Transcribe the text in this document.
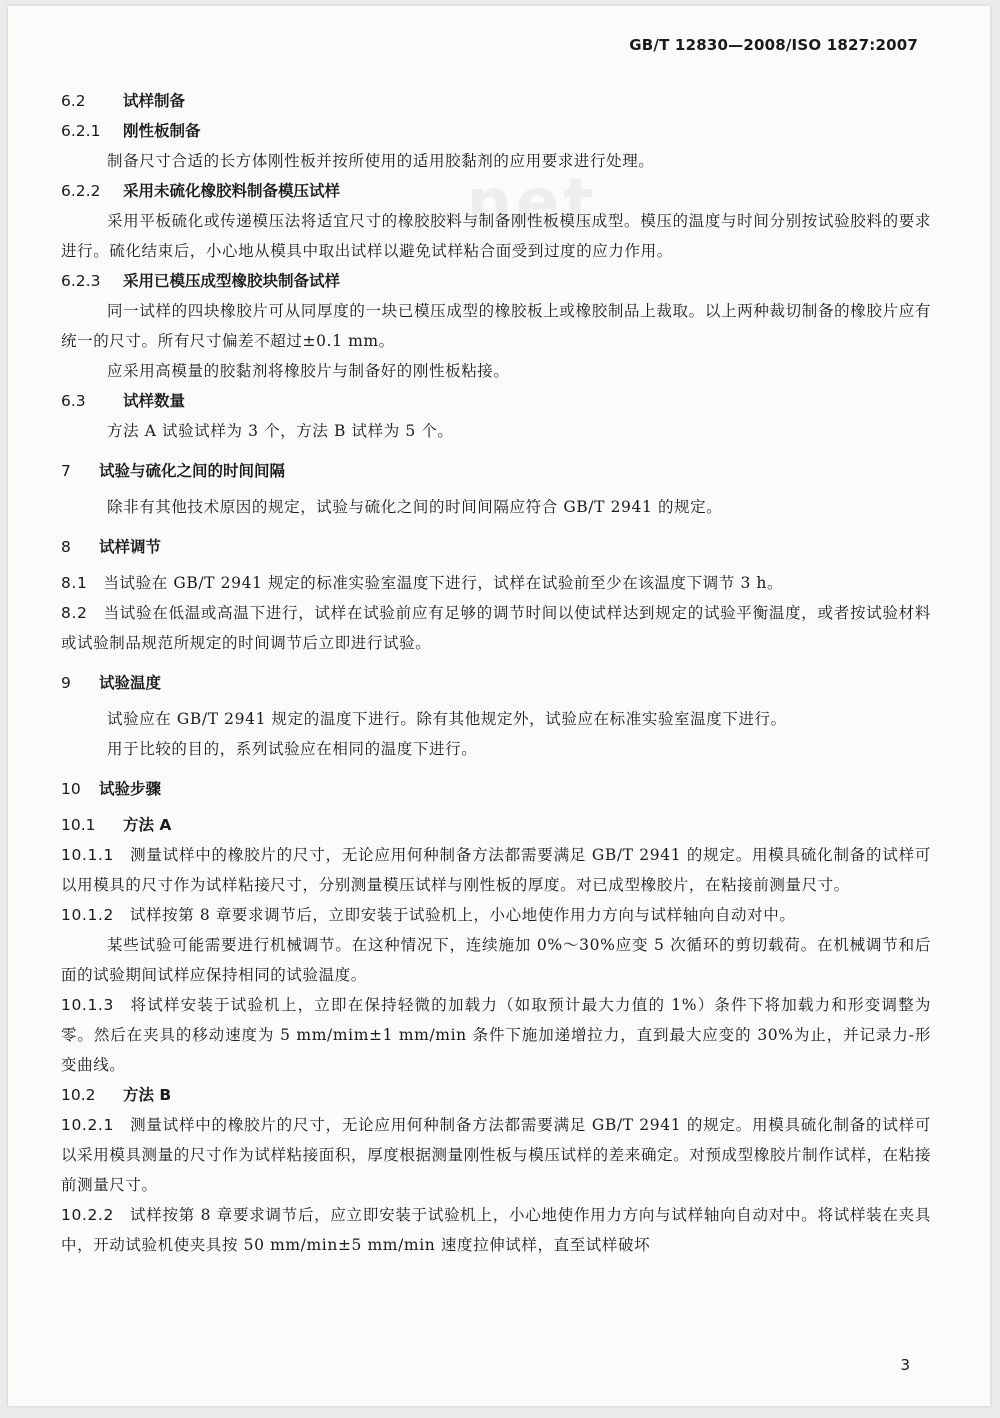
GB/T 12830—2008/ISO 1827:2007
.net
6.2 试样制备
6.2.1 刚性板制备

制备尺寸合适的长方体刚性板并按所使用的适用胶黏剂的应用要求进行处理。

6.2.2 采用未硫化橡胶料制备模压试样

采用平板硫化或传递模压法将适宜尺寸的橡胶胶料与制备刚性板模压成型。模压的温度与时间分别按试验胶料的要求进行。硫化结束后，小心地从模具中取出试样以避免试样粘合面受到过度的应力作用。

6.2.3 采用已模压成型橡胶块制备试样

同一试样的四块橡胶片可从同厚度的一块已模压成型的橡胶板上或橡胶制品上裁取。以上两种裁切制备的橡胶片应有统一的尺寸。所有尺寸偏差不超过±0.1 mm。

应采用高模量的胶黏剂将橡胶片与制备好的刚性板粘接。

6.3 试样数量

方法 A 试验试样为 3 个，方法 B 试样为 5 个。

7 试验与硫化之间的时间间隔

除非有其他技术原因的规定，试验与硫化之间的时间间隔应符合 GB/T 2941 的规定。

8 试样调节

8.1 当试验在 GB/T 2941 规定的标准实验室温度下进行，试样在试验前至少在该温度下调节 3 h。

8.2 当试验在低温或高温下进行，试样在试验前应有足够的调节时间以使试样达到规定的试验平衡温度，或者按试验材料或试验制品规范所规定的时间调节后立即进行试验。

9 试验温度

试验应在 GB/T 2941 规定的温度下进行。除有其他规定外，试验应在标准实验室温度下进行。

用于比较的目的，系列试验应在相同的温度下进行。

10 试验步骤
10.1 方法 A

10.1.1 测量试样中的橡胶片的尺寸，无论应用何种制备方法都需要满足 GB/T 2941 的规定。用模具硫化制备的试样可以用模具的尺寸作为试样粘接尺寸，分别测量模压试样与刚性板的厚度。对已成型橡胶片，在粘接前测量尺寸。

10.1.2 试样按第 8 章要求调节后，立即安装于试验机上，小心地使作用力方向与试样轴向自动对中。

某些试验可能需要进行机械调节。在这种情况下，连续施加 0%～30%应变 5 次循环的剪切载荷。在机械调节和后面的试验期间试样应保持相同的试验温度。

10.1.3 将试样安装于试验机上，立即在保持轻微的加载力（如取预计最大力值的 1%）条件下将加载力和形变调整为零。然后在夹具的移动速度为 5 mm/mim±1 mm/min 条件下施加递增拉力，直到最大应变的 30%为止，并记录力-形变曲线。

10.2 方法 B

10.2.1 测量试样中的橡胶片的尺寸，无论应用何种制备方法都需要满足 GB/T 2941 的规定。用模具硫化制备的试样可以采用模具测量的尺寸作为试样粘接面积，厚度根据测量刚性板与模压试样的差来确定。对预成型橡胶片制作试样，在粘接前测量尺寸。

10.2.2 试样按第 8 章要求调节后，应立即安装于试验机上，小心地使作用力方向与试样轴向自动对中。将试样装在夹具中，开动试验机使夹具按 50 mm/min±5 mm/min 速度拉伸试样，直至试样破坏

3
